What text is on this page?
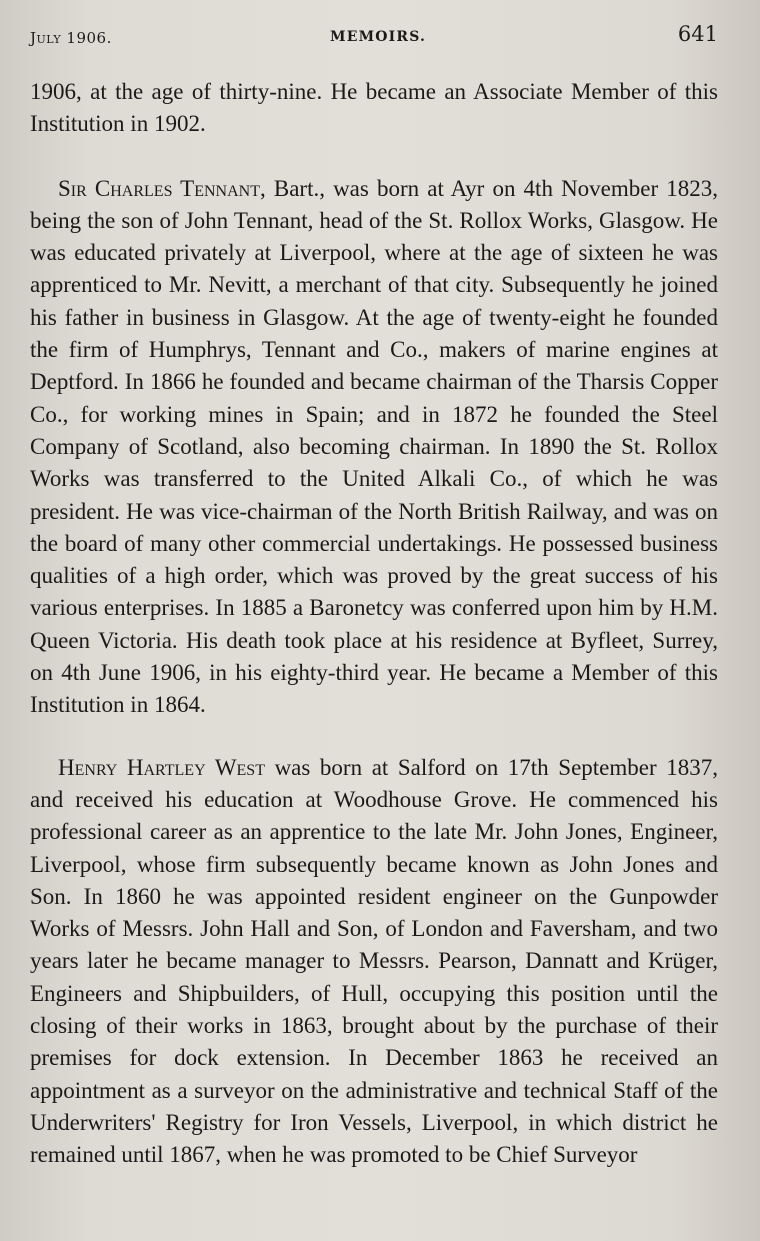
July 1906.	MEMOIRS.	641

1906, at the age of thirty-nine. He became an Associate Member of this Institution in 1902.

Sir Charles Tennant, Bart., was born at Ayr on 4th November 1823, being the son of John Tennant, head of the St. Rollox Works, Glasgow. He was educated privately at Liverpool, where at the age of sixteen he was apprenticed to Mr. Nevitt, a merchant of that city. Subsequently he joined his father in business in Glasgow. At the age of twenty-eight he founded the firm of Humphrys, Tennant and Co., makers of marine engines at Deptford. In 1866 he founded and became chairman of the Tharsis Copper Co., for working mines in Spain; and in 1872 he founded the Steel Company of Scotland, also becoming chairman. In 1890 the St. Rollox Works was transferred to the United Alkali Co., of which he was president. He was vice-chairman of the North British Railway, and was on the board of many other commercial undertakings. He possessed business qualities of a high order, which was proved by the great success of his various enterprises. In 1885 a Baronetcy was conferred upon him by H.M. Queen Victoria. His death took place at his residence at Byfleet, Surrey, on 4th June 1906, in his eighty-third year. He became a Member of this Institution in 1864.

Henry Hartley West was born at Salford on 17th September 1837, and received his education at Woodhouse Grove. He commenced his professional career as an apprentice to the late Mr. John Jones, Engineer, Liverpool, whose firm subsequently became known as John Jones and Son. In 1860 he was appointed resident engineer on the Gunpowder Works of Messrs. John Hall and Son, of London and Faversham, and two years later he became manager to Messrs. Pearson, Dannatt and Krüger, Engineers and Shipbuilders, of Hull, occupying this position until the closing of their works in 1863, brought about by the purchase of their premises for dock extension. In December 1863 he received an appointment as a surveyor on the administrative and technical Staff of the Underwriters' Registry for Iron Vessels, Liverpool, in which district he remained until 1867, when he was promoted to be Chief Surveyor
